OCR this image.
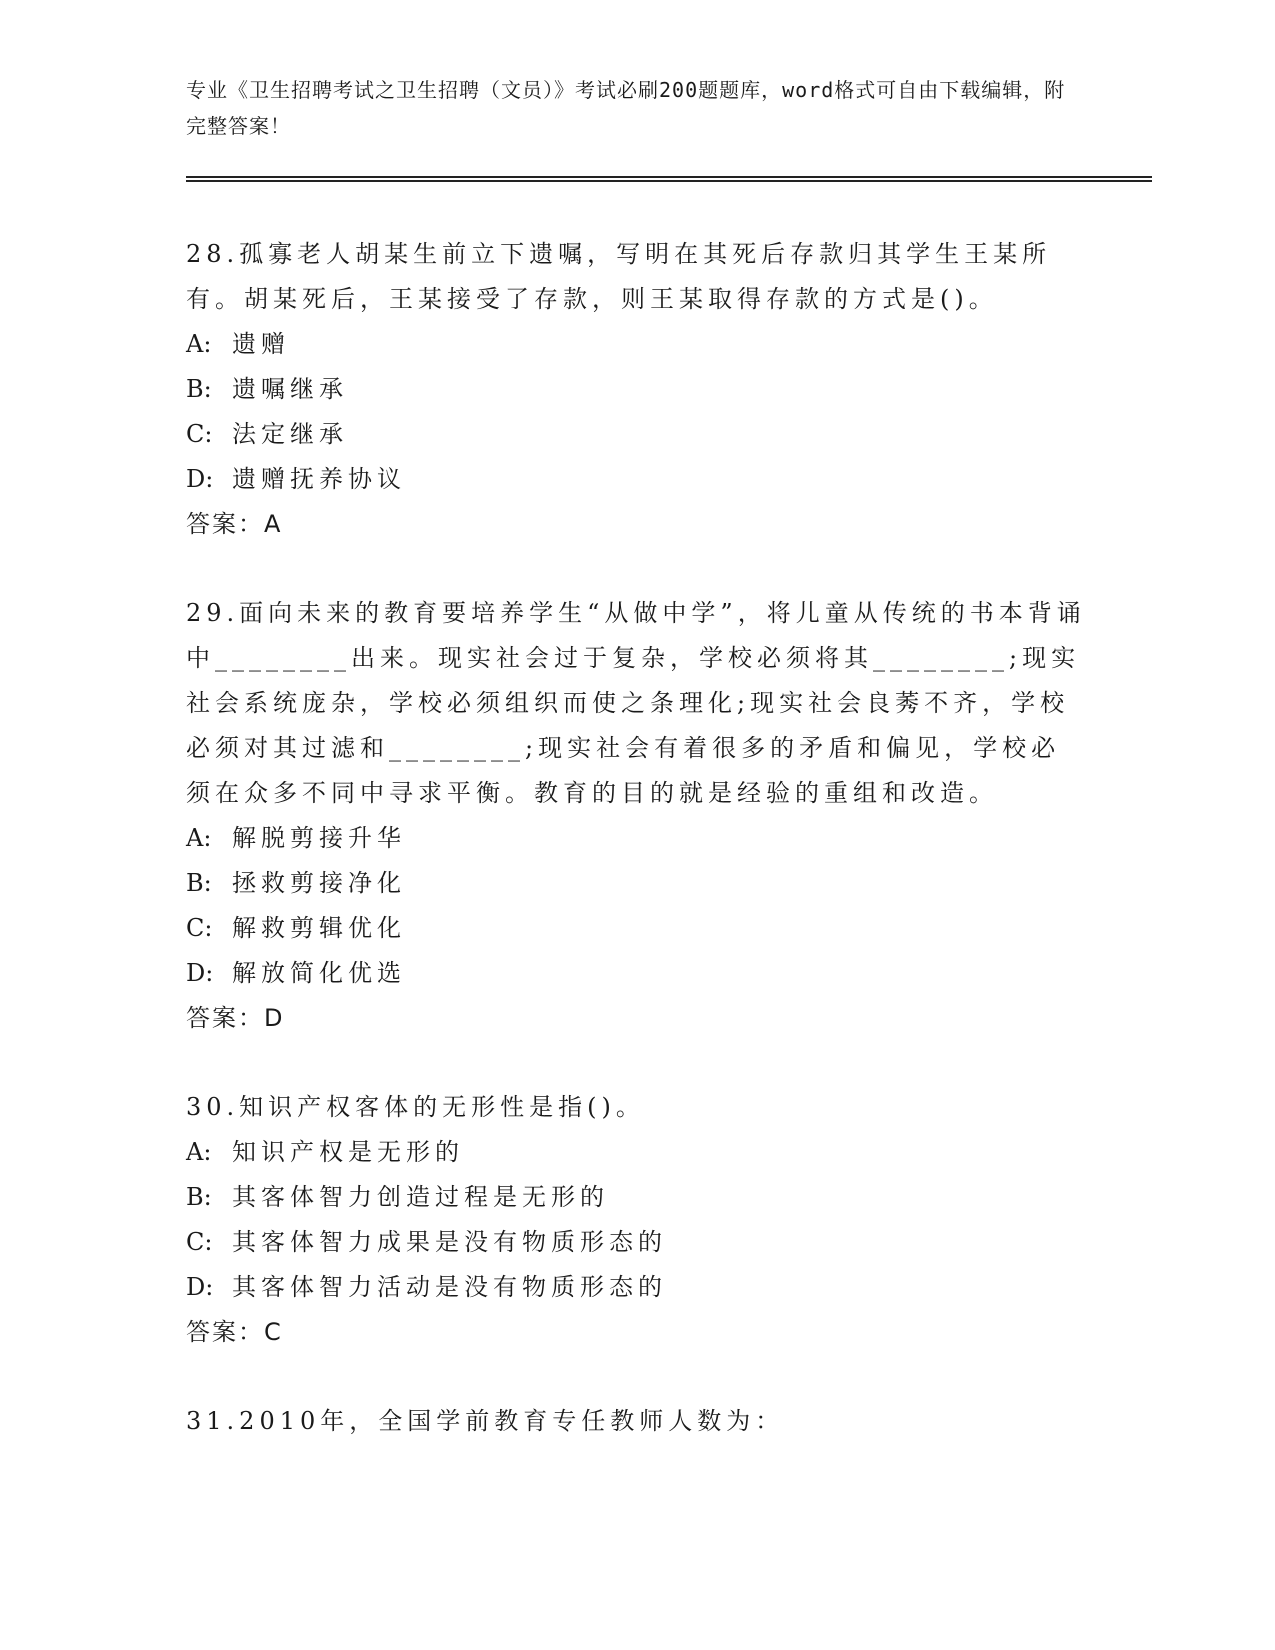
专业《卫生招聘考试之卫生招聘（文员）》考试必刷200题题库，word格式可自由下载编辑，附完整答案！

28.孤寡老人胡某生前立下遗嘱，写明在其死后存款归其学生王某所有。胡某死后，王某接受了存款，则王某取得存款的方式是()。

A: 遗赠

B: 遗嘱继承

C: 法定继承

D: 遗赠抚养协议

答案：A

29.面向未来的教育要培养学生“从做中学”，将儿童从传统的书本背诵中________出来。现实社会过于复杂，学校必须将其________;现实社会系统庞杂，学校必须组织而使之条理化;现实社会良莠不齐，学校必须对其过滤和________;现实社会有着很多的矛盾和偏见，学校必须在众多不同中寻求平衡。教育的目的就是经验的重组和改造。

A: 解脱剪接升华

B: 拯救剪接净化

C: 解救剪辑优化

D: 解放简化优选

答案：D

30.知识产权客体的无形性是指()。

A: 知识产权是无形的

B: 其客体智力创造过程是无形的

C: 其客体智力成果是没有物质形态的

D: 其客体智力活动是没有物质形态的

答案：C

31.2010年，全国学前教育专任教师人数为：
